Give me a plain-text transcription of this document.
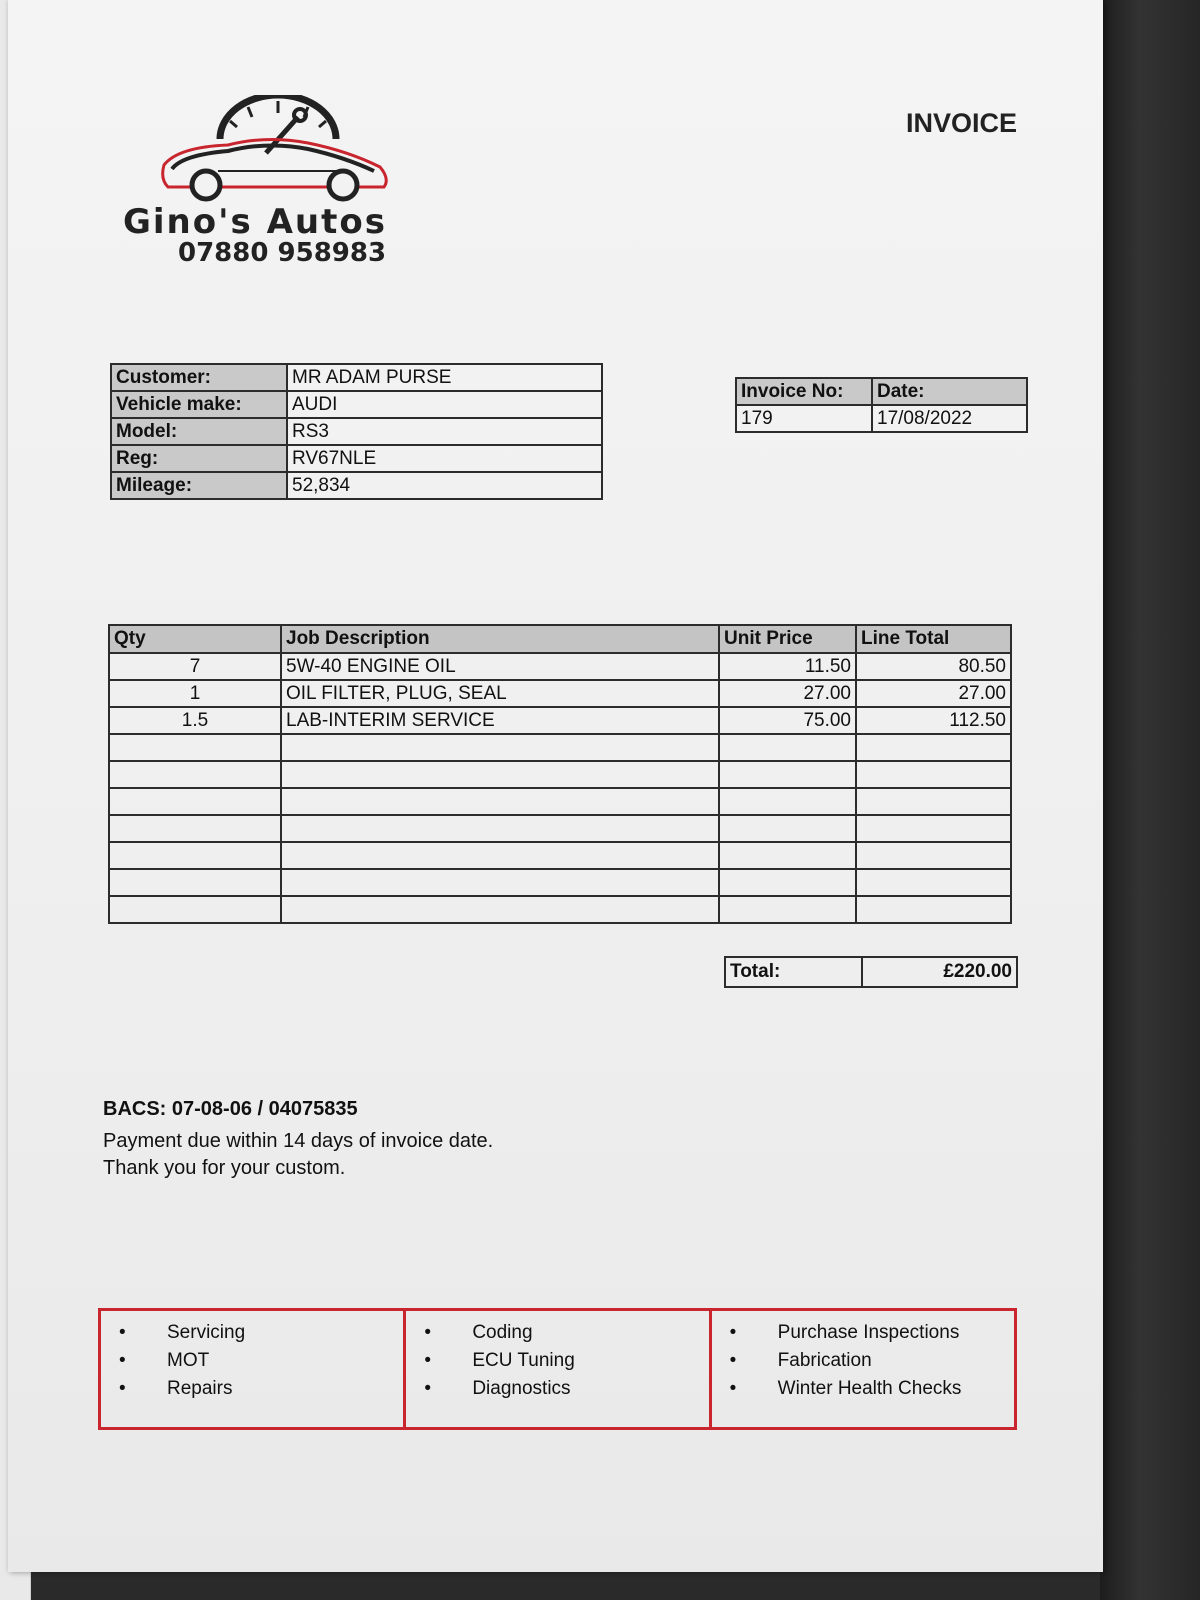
Gino's Autos
07880 958983
INVOICE
Customer:	MR ADAM PURSE
Vehicle make:	AUDI
Model:	RS3
Reg:	RV67NLE
Mileage:	52,834
Invoice No:	Date:
179	17/08/2022
Qty	Job Description	Unit Price	Line Total
7	5W-40 ENGINE OIL	11.50	80.50
1	OIL FILTER, PLUG, SEAL	27.00	27.00
1.5	LAB-INTERIM SERVICE	75.00	112.50

Total:	£220.00
BACS: 07-08-06 / 04075835
Payment due within 14 days of invoice date.
Thank you for your custom.
• Servicing
• MOT
• Repairs
• Coding
• ECU Tuning
• Diagnostics
• Purchase Inspections
• Fabrication
• Winter Health Checks
